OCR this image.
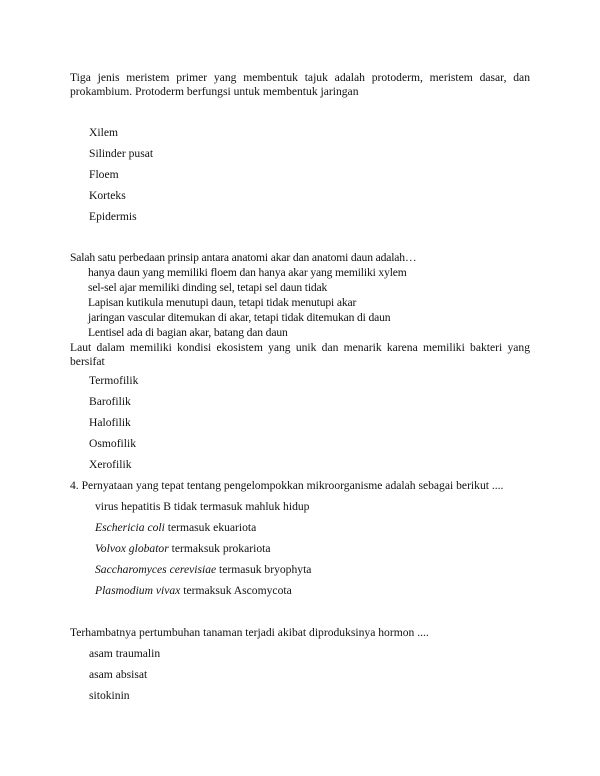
Tiga jenis meristem primer yang membentuk tajuk adalah protoderm, meristem dasar, dan prokambium. Protoderm berfungsi untuk membentuk jaringan
Xilem
Silinder pusat
Floem
Korteks
Epidermis
Salah satu perbedaan prinsip antara anatomi akar dan anatomi daun adalah…
hanya daun yang memiliki floem dan hanya akar yang memiliki xylem
sel-sel ajar memiliki dinding sel, tetapi sel daun tidak
Lapisan kutikula menutupi daun, tetapi tidak menutupi akar
jaringan vascular ditemukan di akar, tetapi tidak ditemukan di daun
Lentisel ada di bagian akar, batang dan daun
Laut dalam memiliki kondisi ekosistem yang unik dan menarik karena memiliki bakteri yang bersifat
Termofilik
Barofilik
Halofilik
Osmofilik
Xerofilik
4. Pernyataan yang tepat tentang pengelompokkan mikroorganisme adalah sebagai berikut ....
virus hepatitis B tidak termasuk mahluk hidup
Eschericia coli termasuk ekuariota
Volvox globator termaksuk prokariota
Saccharomyces cerevisiae termasuk bryophyta
Plasmodium vivax termaksuk Ascomycota
Terhambatnya pertumbuhan tanaman terjadi akibat diproduksinya hormon ....
asam traumalin
asam absisat
sitokinin
